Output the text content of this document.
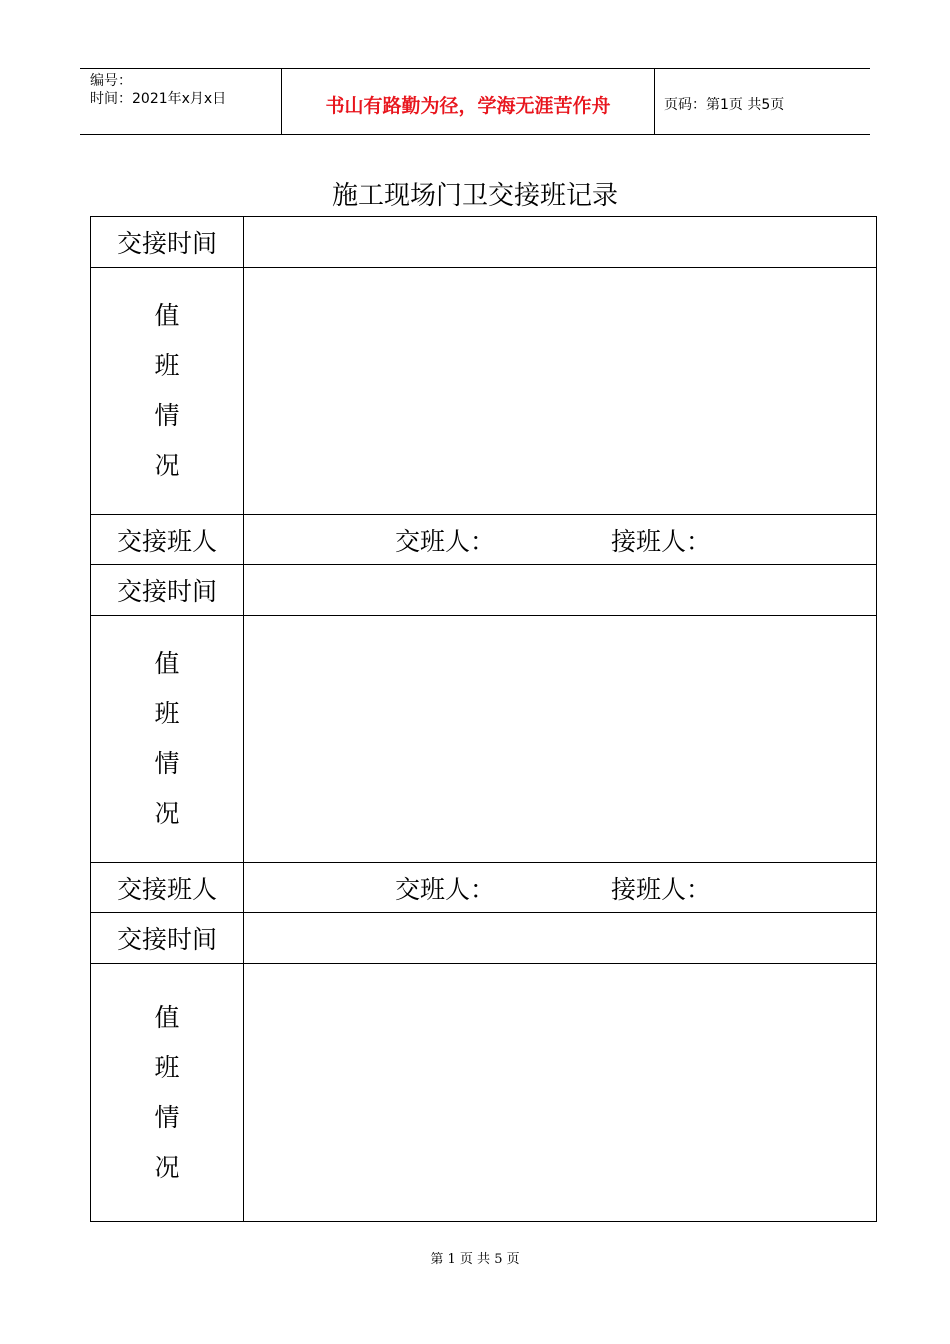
编号：
时间：2021年x月x日	书山有路勤为径，学海无涯苦作舟	页码：第1页 共5页
施工现场门卫交接班记录
交接时间
值
班
情
况
交接班人	交班人：	接班人：
交接时间
值
班
情
况
交接班人	交班人：	接班人：
交接时间
值
班
情
况
第 1 页 共 5 页
